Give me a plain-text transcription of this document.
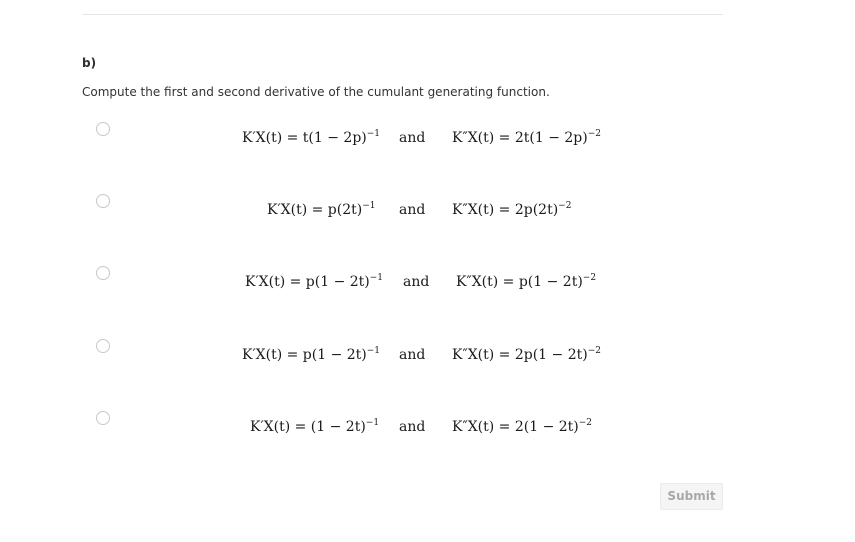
b)
Compute the first and second derivative of the cumulant generating function.
$K'X(t) = t(1 - 2p)^{-1}$ and $K''X(t) = 2t(1 - 2p)^{-2}$
$K'X(t) = p(2t)^{-1}$ and $K''X(t) = 2p(2t)^{-2}$
$K'X(t) = p(1 - 2t)^{-1}$ and $K''X(t) = p(1 - 2t)^{-2}$
$K'X(t) = p(1 - 2t)^{-1}$ and $K''X(t) = 2p(1 - 2t)^{-2}$
$K'X(t) = (1 - 2t)^{-1}$ and $K''X(t) = 2(1 - 2t)^{-2}$
Submit
